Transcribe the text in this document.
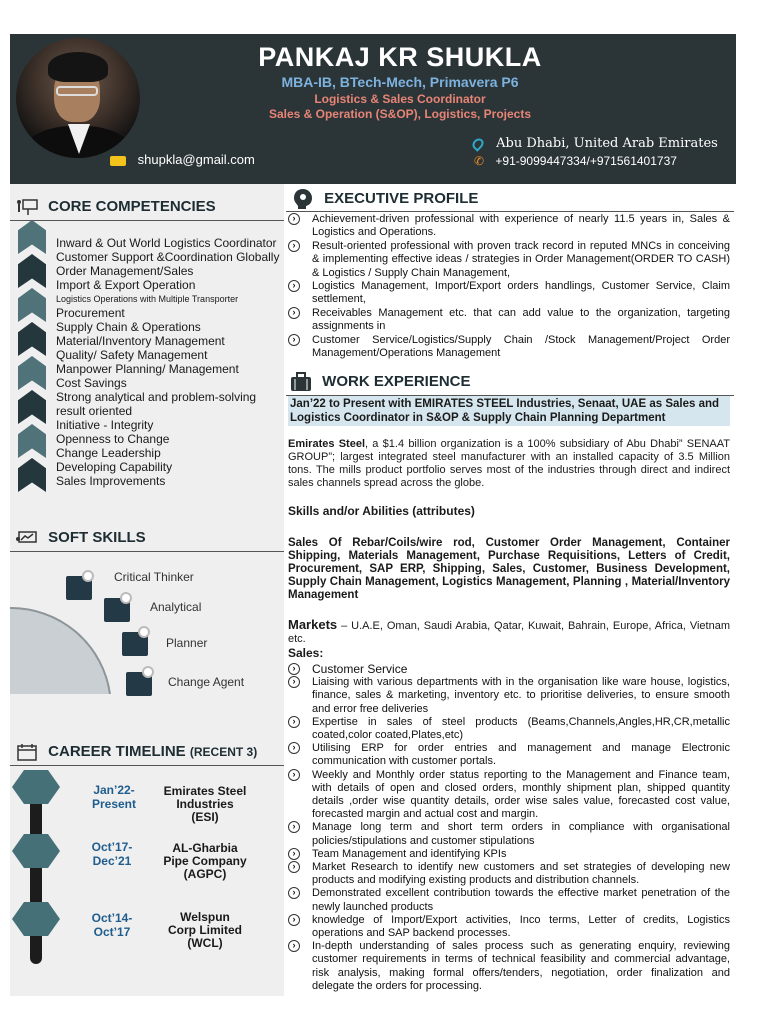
PANKAJ KR SHUKLA
MBA-IB, BTech-Mech, Primavera P6
Logistics & Sales Coordinator
Sales & Operation (S&OP), Logistics, Projects
Abu Dhabi, United Arab Emirates
✆ +91-9099447334/+971561401737
shupkla@gmail.com
CORE COMPETENCIES
Inward & Out World Logistics Coordinator
Customer Support &Coordination Globally
Order Management/Sales
Import & Export Operation
Logistics Operations with Multiple Transporter
Procurement
Supply Chain & Operations
Material/Inventory Management
Quality/ Safety Management
Manpower Planning/ Management
Cost Savings
Strong analytical and problem-solving result oriented
Initiative - Integrity
Openness to Change
Change Leadership
Developing Capability
Sales Improvements
SOFT SKILLS
Critical Thinker
Analytical
Planner
Change Agent
CAREER TIMELINE (RECENT 3)
Jan’22-
Present
Emirates Steel
Industries
(ESI)
Oct’17-
Dec’21
AL-Gharbia
Pipe Company
(AGPC)
Oct’14-
Oct’17
Welspun
Corp Limited
(WCL)
EXECUTIVE PROFILE
› Achievement-driven professional with experience of nearly 11.5 years in, Sales & Logistics and Operations.
› Result-oriented professional with proven track record in reputed MNCs in conceiving & implementing effective ideas / strategies in Order Management(ORDER TO CASH) & Logistics / Supply Chain Management,
› Logistics Management, Import/Export orders handlings, Customer Service, Claim settlement,
› Receivables Management etc. that can add value to the organization, targeting assignments in
› Customer Service/Logistics/Supply Chain /Stock Management/Project Order Management/Operations Management
WORK EXPERIENCE
Jan’22 to Present with EMIRATES STEEL Industries, Senaat, UAE as Sales and Logistics Coordinator in S&OP & Supply Chain Planning Department
Emirates Steel, a $1.4 billion organization is a 100% subsidiary of Abu Dhabi” SENAAT GROUP”; largest integrated steel manufacturer with an installed capacity of 3.5 Million tons. The mills product portfolio serves most of the industries through direct and indirect sales channels spread across the globe.
Skills and/or Abilities (attributes)
Sales Of Rebar/Coils/wire rod, Customer Order Management, Container Shipping, Materials Management, Purchase Requisitions, Letters of Credit, Procurement, SAP ERP, Shipping, Sales, Customer, Business Development, Supply Chain Management, Logistics Management, Planning , Material/Inventory Management
Markets – U.A.E, Oman, Saudi Arabia, Qatar, Kuwait, Bahrain, Europe, Africa, Vietnam etc.
Sales:
› Customer Service
› Liaising with various departments with in the organisation like ware house, logistics, finance, sales & marketing, inventory etc. to prioritise deliveries, to ensure smooth and error free deliveries
› Expertise in sales of steel products (Beams,Channels,Angles,HR,CR,metallic coated,color coated,Plates,etc)
› Utilising ERP for order entries and management and manage Electronic communication with customer portals.
› Weekly and Monthly order status reporting to the Management and Finance team, with details of open and closed orders, monthly shipment plan, shipped quantity details ,order wise quantity details, order wise sales value, forecasted cost value, forecasted margin and actual cost and margin.
› Manage long term and short term orders in compliance with organisational policies/stipulations and customer stipulations
› Team Management and identifying KPIs
› Market Research to identify new customers and set strategies of developing new products and modifying existing products and distribution channels.
› Demonstrated excellent contribution towards the effective market penetration of the newly launched products
› knowledge of Import/Export activities, Inco terms, Letter of credits, Logistics operations and SAP backend processes.
› In-depth understanding of sales process such as generating enquiry, reviewing customer requirements in terms of technical feasibility and commercial advantage, risk analysis, making formal offers/tenders, negotiation, order finalization and delegate the orders for processing.
